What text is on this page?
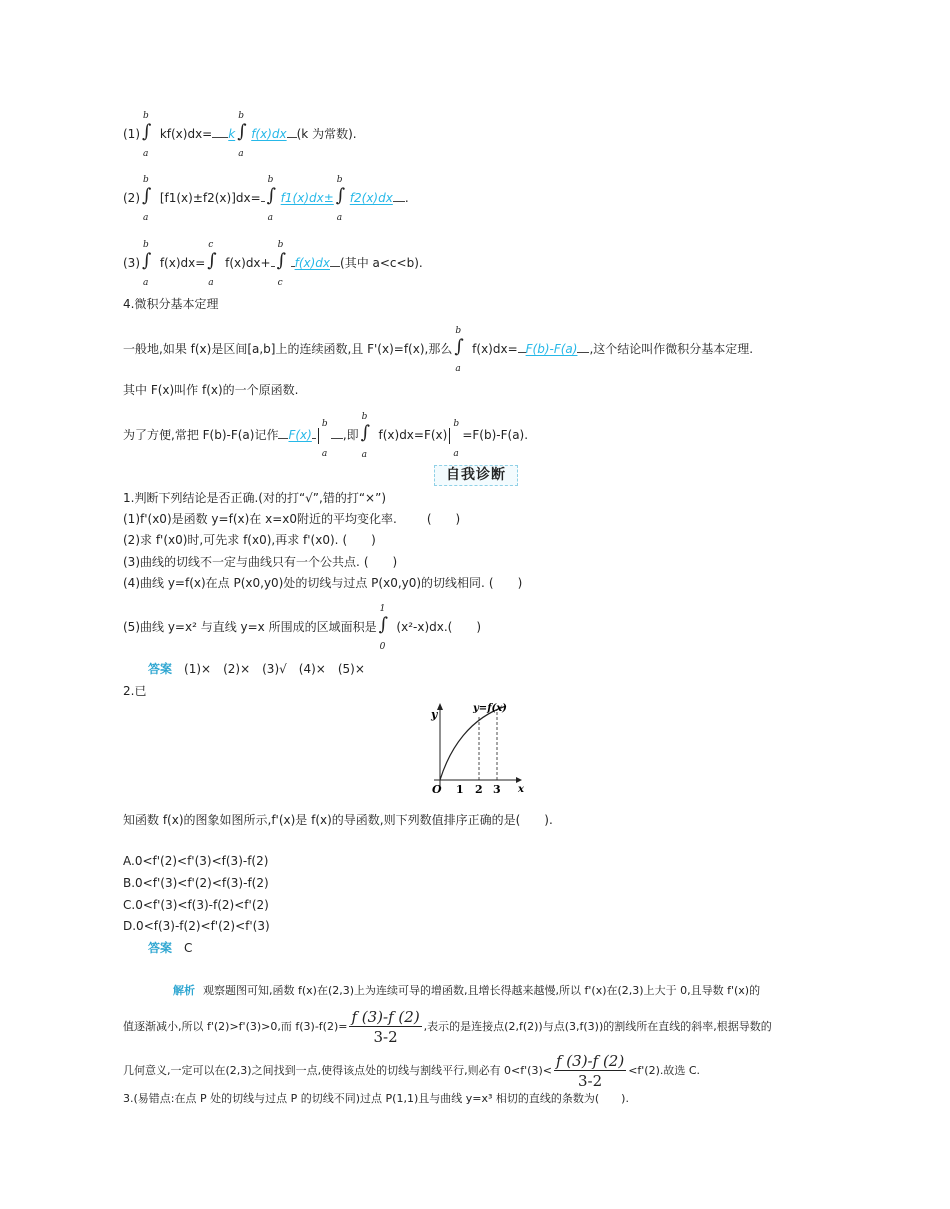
(1)
b
∫
a
kf(x)dx= k
b
∫
a
f(x)dx (k 为常数).
(2)
b
∫
a
[f1(x)±f2(x)]dx=
b
∫
a
f1(x)dx±
b
∫
a
f2(x)dx .
(3)
b
∫
a
f(x)dx=
c
∫
a
f(x)dx+
b
∫
c
f(x)dx (其中 a<c<b).
4.微积分基本定理
一般地,如果 f(x)是区间[a,b]上的连续函数,且 F'(x)=f(x),那么
b
∫
a
f(x)dx= F(b)-F(a) ,这个结论叫作微积分基本定理.
其中 F(x)叫作 f(x)的一个原函数.
为了方便,常把 F(b)-F(a)记作 F(x)
b
a
,即
b
∫
a
f(x)dx=F(x)
b
a
=F(b)-F(a).
自我诊断
1.判断下列结论是否正确.(对的打“√”,错的打“×”)
(1)f'(x0)是函数 y=f(x)在 x=x0附近的平均变化率.	(　　)
(2)求 f'(x0)时,可先求 f(x0),再求 f'(x0). (　　)
(3)曲线的切线不一定与曲线只有一个公共点. (　　)
(4)曲线 y=f(x)在点 P(x0,y0)处的切线与过点 P(x0,y0)的切线相同. (　　)
(5)曲线 y=x² 与直线 y=x 所围成的区域面积是
1
∫
0
(x²-x)dx.(　　)
答案 (1)×　(2)×　(3)√　(4)×　(5)×
2.已
y
x
y=f(x)
O 1 2 3
知函数 f(x)的图象如图所示,f'(x)是 f(x)的导函数,则下列数值排序正确的是(　　).
A.0<f'(2)<f'(3)<f(3)-f(2)
B.0<f'(3)<f'(2)<f(3)-f(2)
C.0<f'(3)<f(3)-f(2)<f'(2)
D.0<f(3)-f(2)<f'(2)<f'(3)
答案 C
解析 观察题图可知,函数 f(x)在(2,3)上为连续可导的增函数,且增长得越来越慢,所以 f'(x)在(2,3)上大于 0,且导数 f'(x)的
值逐渐减小,所以 f'(2)>f'(3)>0,而 $f(3)-f(2)= \frac{f (3)-f (2)}{3-2}$ ,表示的是连接点(2,f(2))与点(3,f(3))的割线所在直线的斜率,根据导数的
几何意义,一定可以在(2,3)之间找到一点,使得该点处的切线与割线平行,则必有 $0<f'(3)< \frac{f (3)-f (2)}{3-2} <f'(2)$.故选 C.
3.(易错点:在点 P 处的切线与过点 P 的切线不同)过点 P(1,1)且与曲线 y=x³ 相切的直线的条数为(　　).
